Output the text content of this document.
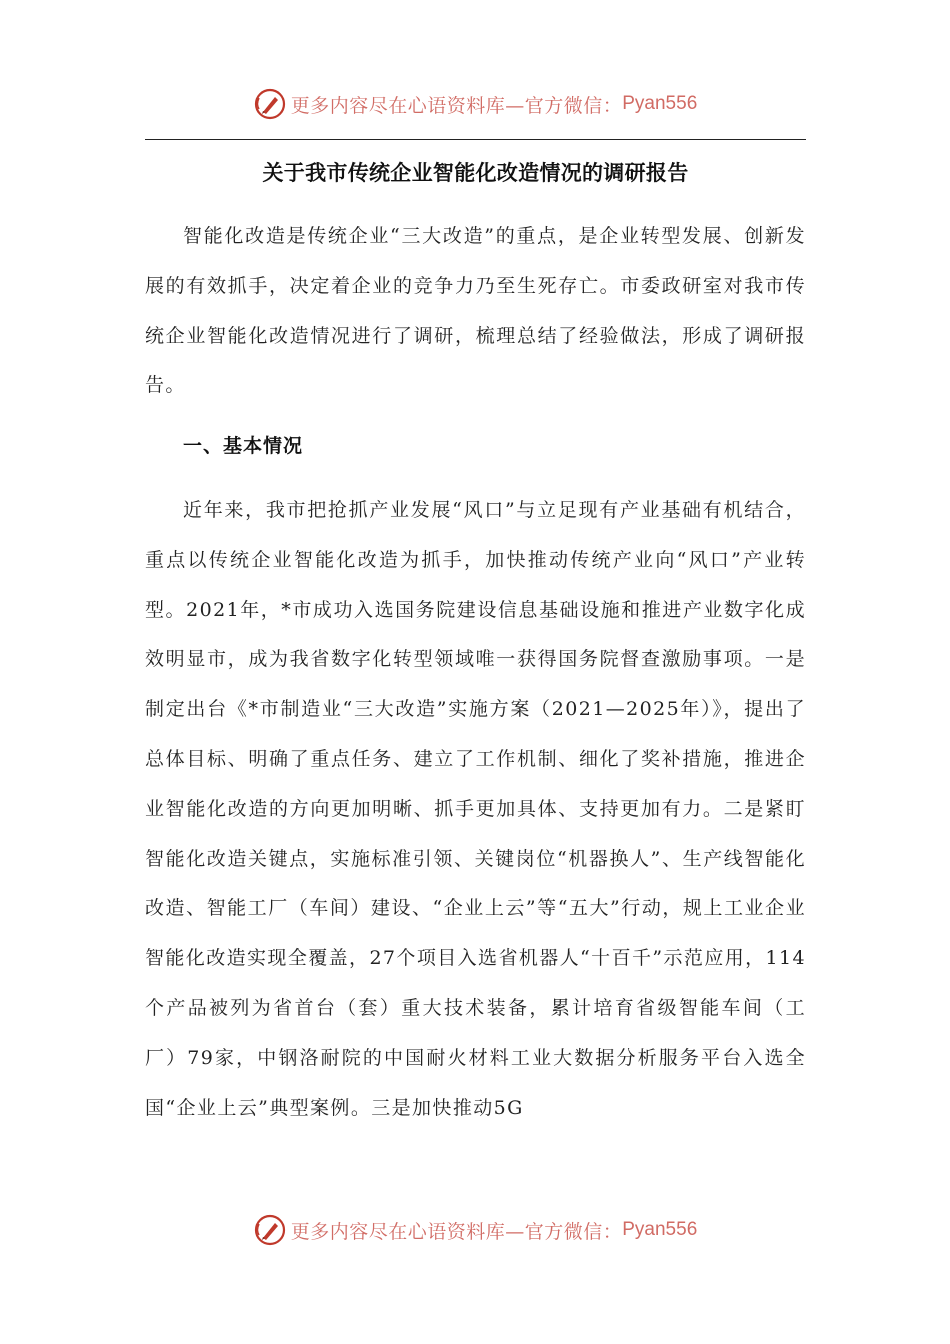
更多内容尽在心语资料库—官方微信： Pyan556
关于我市传统企业智能化改造情况的调研报告

智能化改造是传统企业“三大改造”的重点，是企业转型发展、创新发展的有效抓手，决定着企业的竞争力乃至生死存亡。市委政研室对我市传统企业智能化改造情况进行了调研，梳理总结了经验做法，形成了调研报告。

一、基本情况

近年来，我市把抢抓产业发展“风口”与立足现有产业基础有机结合，重点以传统企业智能化改造为抓手，加快推动传统产业向“风口”产业转型。2021年，*市成功入选国务院建设信息基础设施和推进产业数字化成效明显市，成为我省数字化转型领域唯一获得国务院督查激励事项。一是制定出台《*市制造业“三大改造”实施方案（2021—2025年）》，提出了总体目标、明确了重点任务、建立了工作机制、细化了奖补措施，推进企业智能化改造的方向更加明晰、抓手更加具体、支持更加有力。二是紧盯智能化改造关键点，实施标准引领、关键岗位“机器换人”、生产线智能化改造、智能工厂（车间）建设、“企业上云”等“五大”行动，规上工业企业智能化改造实现全覆盖，27个项目入选省机器人“十百千”示范应用，114个产品被列为省首台（套）重大技术装备，累计培育省级智能车间（工厂）79家，中钢洛耐院的中国耐火材料工业大数据分析服务平台入选全国“企业上云”典型案例。三是加快推动5G

更多内容尽在心语资料库—官方微信： Pyan556
